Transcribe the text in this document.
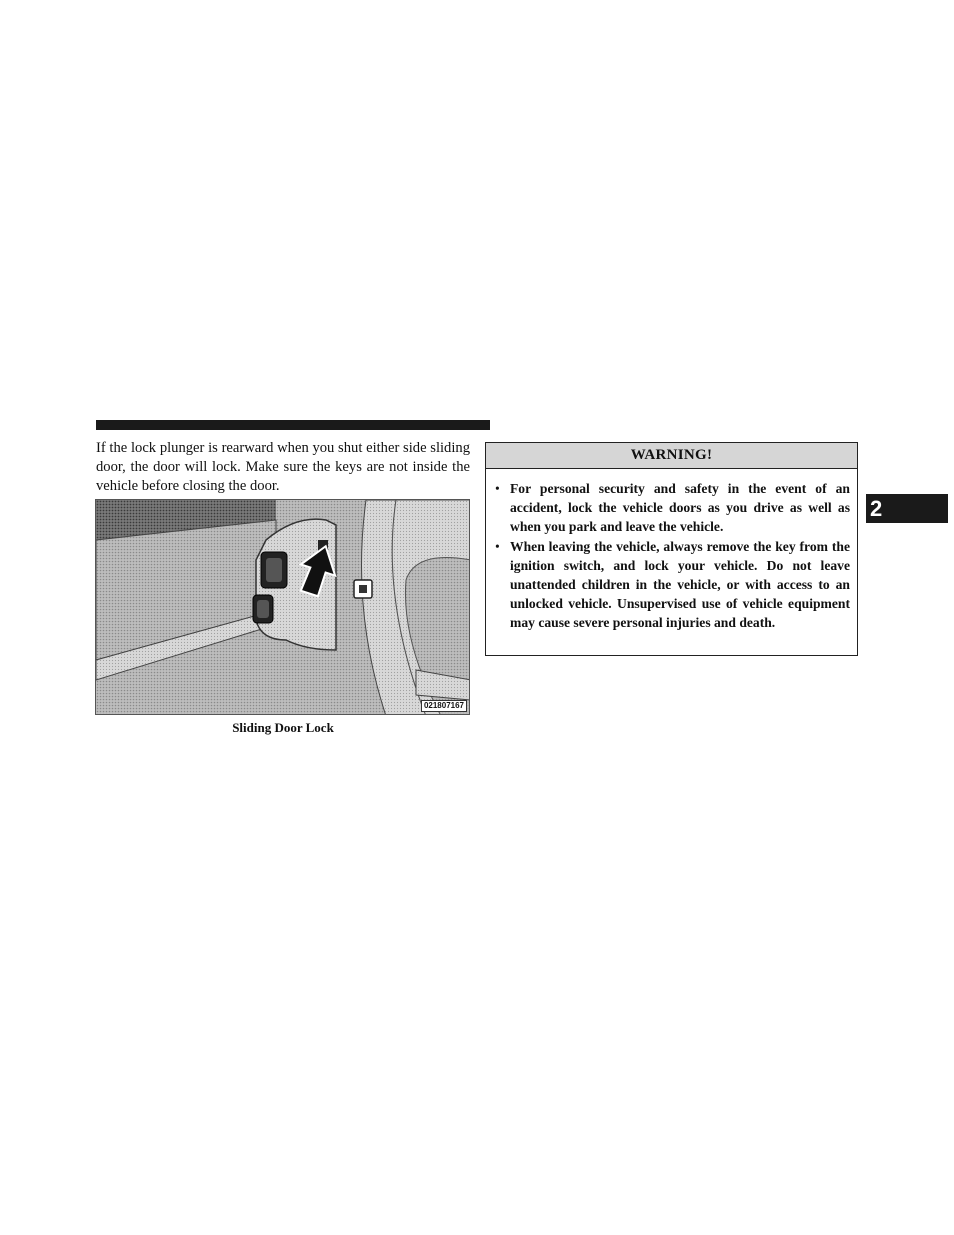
If the lock plunger is rearward when you shut either side sliding door, the door will lock. Make sure the keys are not inside the vehicle before closing the door.

021807167
Sliding Door Lock
WARNING!
• For personal security and safety in the event of an accident, lock the vehicle doors as you drive as well as when you park and leave the vehicle.
• When leaving the vehicle, always remove the key from the ignition switch, and lock your vehicle. Do not leave unattended children in the vehicle, or with access to an unlocked vehicle. Unsupervised use of vehicle equipment may cause severe personal injuries and death.
2
